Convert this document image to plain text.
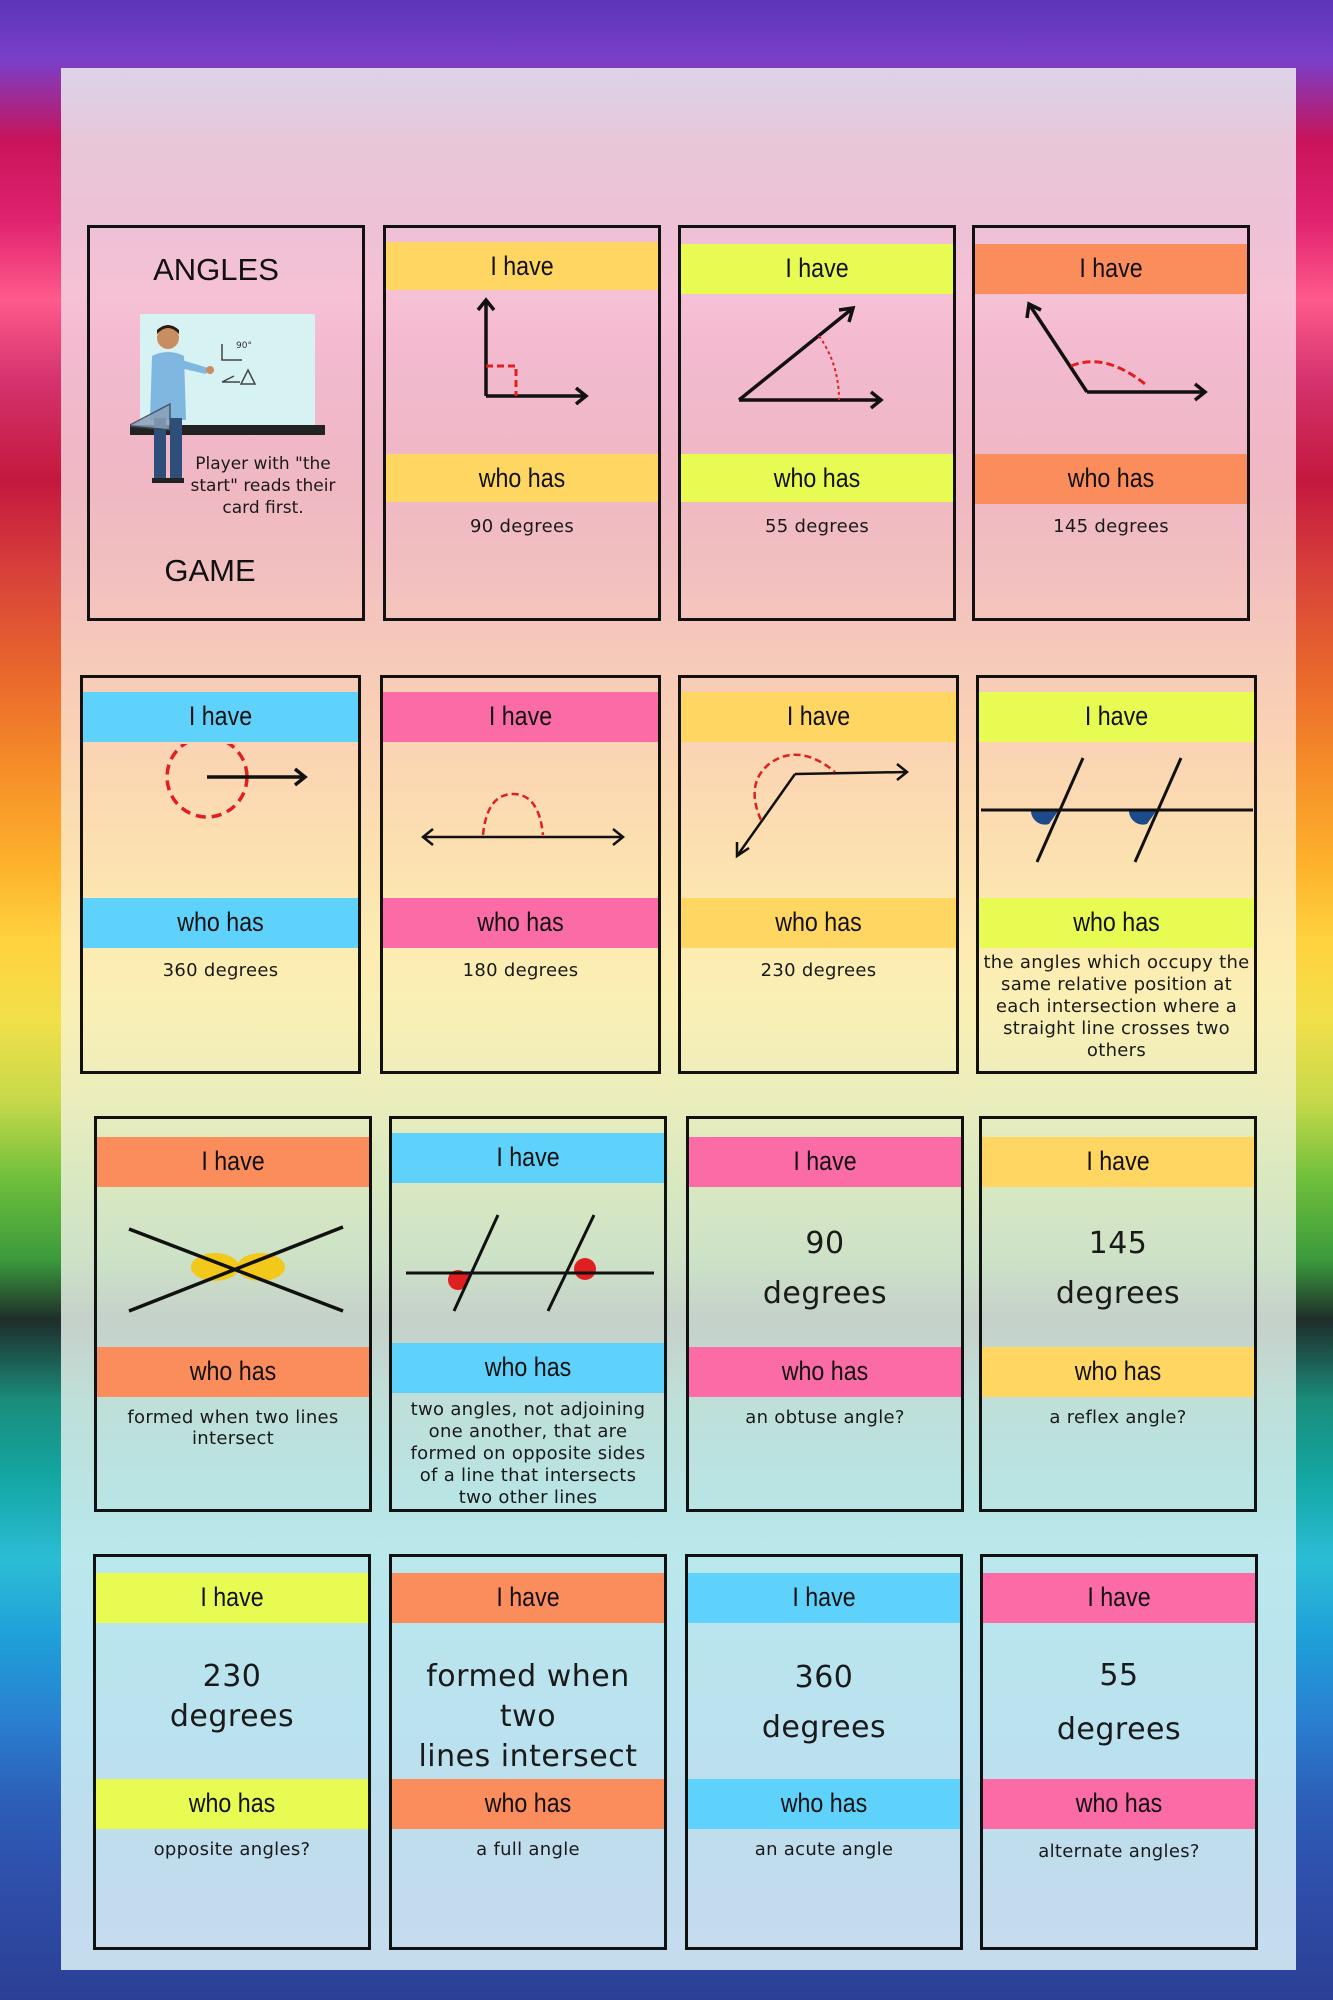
ANGLES
90°
Player with "the start" reads their card first.
GAME
I have
who has
90 degrees
I have
who has
55 degrees
I have
who has
145 degrees
I have
who has
360 degrees
I have
who has
180 degrees
I have
who has
230 degrees
I have
who has
the angles which occupy the same relative position at each intersection where a straight line crosses two others
I have
who has
formed when two lines intersect
I have
who has
two angles, not adjoining one another, that are formed on opposite sides of a line that intersects two other lines
I have
90
degrees
who has
an obtuse angle?
I have
145
degrees
who has
a reflex angle?
I have
230
degrees
who has
opposite angles?
I have
formed when two
lines intersect
who has
a full angle
I have
360
degrees
who has
an acute angle
I have
55
degrees
who has
alternate angles?
